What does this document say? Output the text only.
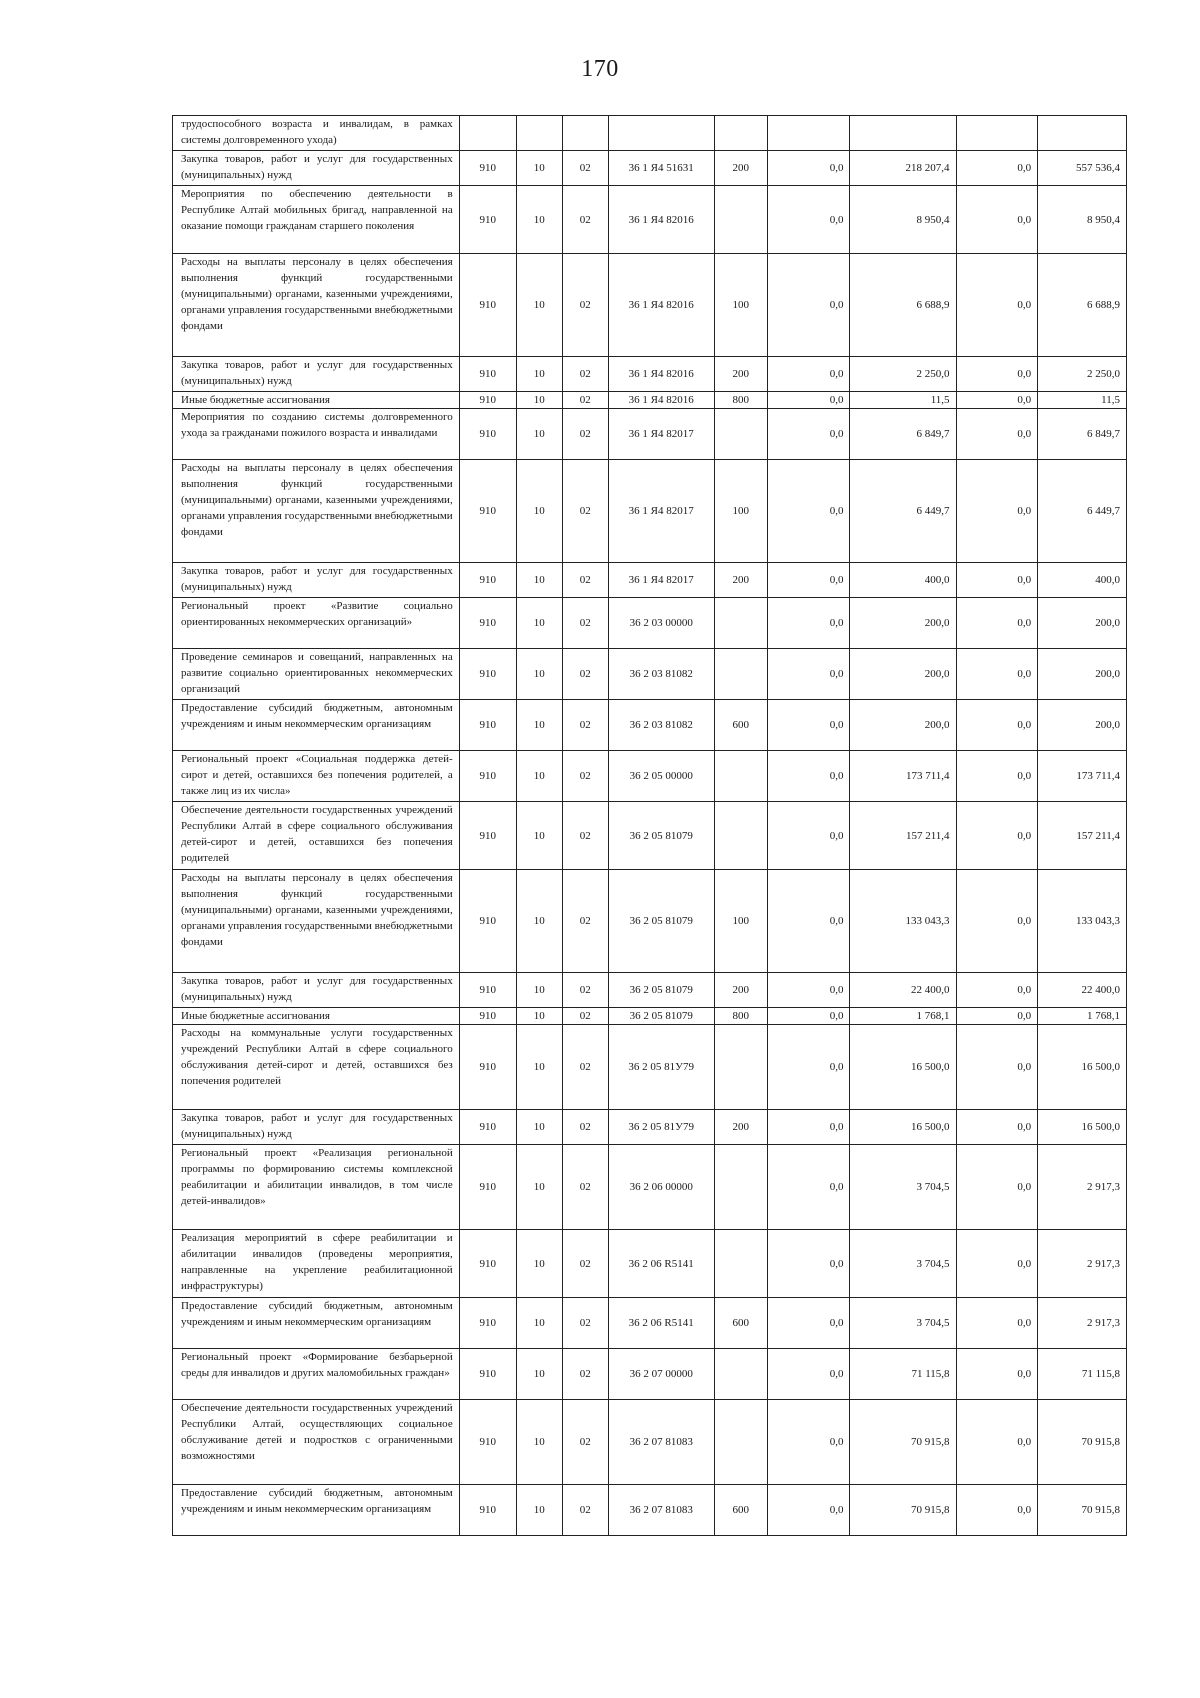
170
трудоспособного возраста и инвалидам, в рамках системы долговременного ухода)									
Закупка товаров, работ и услуг для государственных (муниципальных) нужд	910	10	02	36 1 Я4 51631	200	0,0	218 207,4	0,0	557 536,4
Мероприятия по обеспечению деятельности в Республике Алтай мобильных бригад, направленной на оказание помощи гражданам старшего поколения	910	10	02	36 1 Я4 82016		0,0	8 950,4	0,0	8 950,4
Расходы на выплаты персоналу в целях обеспечения выполнения функций государственными (муниципальными) органами, казенными учреждениями, органами управления государственными внебюджетными фондами	910	10	02	36 1 Я4 82016	100	0,0	6 688,9	0,0	6 688,9
Закупка товаров, работ и услуг для государственных (муниципальных) нужд	910	10	02	36 1 Я4 82016	200	0,0	2 250,0	0,0	2 250,0
Иные бюджетные ассигнования	910	10	02	36 1 Я4 82016	800	0,0	11,5	0,0	11,5
Мероприятия по созданию системы долговременного ухода за гражданами пожилого возраста и инвалидами	910	10	02	36 1 Я4 82017		0,0	6 849,7	0,0	6 849,7
Расходы на выплаты персоналу в целях обеспечения выполнения функций государственными (муниципальными) органами, казенными учреждениями, органами управления государственными внебюджетными фондами	910	10	02	36 1 Я4 82017	100	0,0	6 449,7	0,0	6 449,7
Закупка товаров, работ и услуг для государственных (муниципальных) нужд	910	10	02	36 1 Я4 82017	200	0,0	400,0	0,0	400,0
Региональный проект «Развитие социально ориентированных некоммерческих организаций»	910	10	02	36 2 03 00000		0,0	200,0	0,0	200,0
Проведение семинаров и совещаний, направленных на развитие социально ориентированных некоммерческих организаций	910	10	02	36 2 03 81082		0,0	200,0	0,0	200,0
Предоставление субсидий бюджетным, автономным учреждениям и иным некоммерческим организациям	910	10	02	36 2 03 81082	600	0,0	200,0	0,0	200,0
Региональный проект «Социальная поддержка детей-сирот и детей, оставшихся без попечения родителей, а также лиц из их числа»	910	10	02	36 2 05 00000		0,0	173 711,4	0,0	173 711,4
Обеспечение деятельности государственных учреждений Республики Алтай в сфере социального обслуживания детей-сирот и детей, оставшихся без попечения родителей	910	10	02	36 2 05 81079		0,0	157 211,4	0,0	157 211,4
Расходы на выплаты персоналу в целях обеспечения выполнения функций государственными (муниципальными) органами, казенными учреждениями, органами управления государственными внебюджетными фондами	910	10	02	36 2 05 81079	100	0,0	133 043,3	0,0	133 043,3
Закупка товаров, работ и услуг для государственных (муниципальных) нужд	910	10	02	36 2 05 81079	200	0,0	22 400,0	0,0	22 400,0
Иные бюджетные ассигнования	910	10	02	36 2 05 81079	800	0,0	1 768,1	0,0	1 768,1
Расходы на коммунальные услуги государственных учреждений Республики Алтай в сфере социального обслуживания детей-сирот и детей, оставшихся без попечения родителей	910	10	02	36 2 05 81У79		0,0	16 500,0	0,0	16 500,0
Закупка товаров, работ и услуг для государственных (муниципальных) нужд	910	10	02	36 2 05 81У79	200	0,0	16 500,0	0,0	16 500,0
Региональный проект «Реализация региональной программы по формированию системы комплексной реабилитации и абилитации инвалидов, в том числе детей-инвалидов»	910	10	02	36 2 06 00000		0,0	3 704,5	0,0	2 917,3
Реализация мероприятий в сфере реабилитации и абилитации инвалидов (проведены мероприятия, направленные на укрепление реабилитационной инфраструктуры)	910	10	02	36 2 06 R5141		0,0	3 704,5	0,0	2 917,3
Предоставление субсидий бюджетным, автономным учреждениям и иным некоммерческим организациям	910	10	02	36 2 06 R5141	600	0,0	3 704,5	0,0	2 917,3
Региональный проект «Формирование безбарьерной среды для инвалидов и других маломобильных граждан»	910	10	02	36 2 07 00000		0,0	71 115,8	0,0	71 115,8
Обеспечение деятельности государственных учреждений Республики Алтай, осуществляющих социальное обслуживание детей и подростков с ограниченными возможностями	910	10	02	36 2 07 81083		0,0	70 915,8	0,0	70 915,8
Предоставление субсидий бюджетным, автономным учреждениям и иным некоммерческим организациям	910	10	02	36 2 07 81083	600	0,0	70 915,8	0,0	70 915,8
